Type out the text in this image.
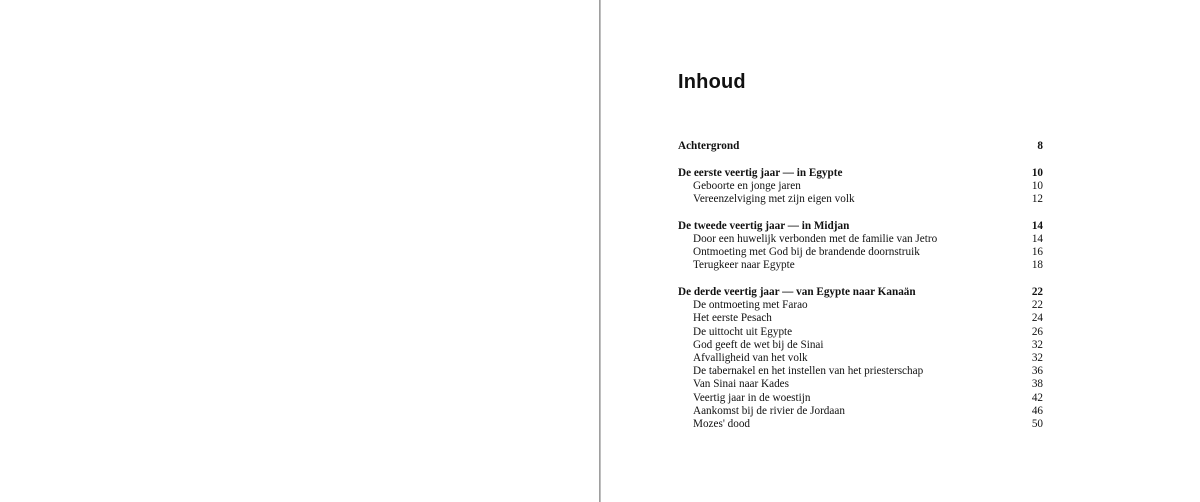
Inhoud
Achtergrond	8
De eerste veertig jaar — in Egypte	10
Geboorte en jonge jaren	10
Vereenzelviging met zijn eigen volk	12
De tweede veertig jaar — in Midjan	14
Door een huwelijk verbonden met de familie van Jetro	14
Ontmoeting met God bij de brandende doornstruik	16
Terugkeer naar Egypte	18
De derde veertig jaar — van Egypte naar Kanaän	22
De ontmoeting met Farao	22
Het eerste Pesach	24
De uittocht uit Egypte	26
God geeft de wet bij de Sinai	32
Afvalligheid van het volk	32
De tabernakel en het instellen van het priesterschap	36
Van Sinai naar Kades	38
Veertig jaar in de woestijn	42
Aankomst bij de rivier de Jordaan	46
Mozes' dood	50
